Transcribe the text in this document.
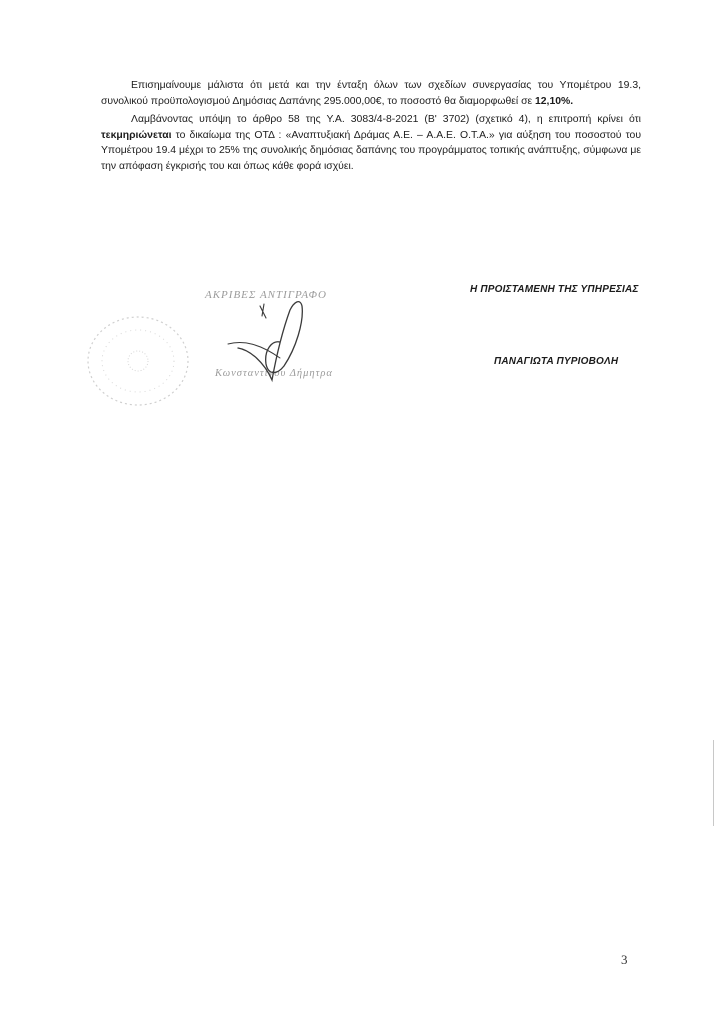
Επισημαίνουμε μάλιστα ότι μετά και την ένταξη όλων των σχεδίων συνεργασίας του Υπομέτρου 19.3, συνολικού προϋπολογισμού Δημόσιας Δαπάνης 295.000,00€, το ποσοστό θα διαμορφωθεί σε 12,10%.

Λαμβάνοντας υπόψη το άρθρο 58 της Υ.Α. 3083/4-8-2021 (Β' 3702) (σχετικό 4), η επιτροπή κρίνει ότι τεκμηριώνεται το δικαίωμα της ΟΤΔ : «Αναπτυξιακή Δράμας Α.Ε. – Α.Α.Ε. Ο.Τ.Α.» για αύξηση του ποσοστού του Υπομέτρου 19.4 μέχρι το 25% της συνολικής δημόσιας δαπάνης του προγράμματος τοπικής ανάπτυξης, σύμφωνα με την απόφαση έγκρισής του και όπως κάθε φορά ισχύει.

ΑΚΡΙΒΕΣ ΑΝΤΙΓΡΑΦΟ
Κωνσταντίνου Δήμητρα
Η ΠΡΟΙΣΤΑΜΕΝΗ ΤΗΣ ΥΠΗΡΕΣΙΑΣ
ΠΑΝΑΓΙΩΤΑ ΠΥΡΙΟΒΟΛΗ
3
